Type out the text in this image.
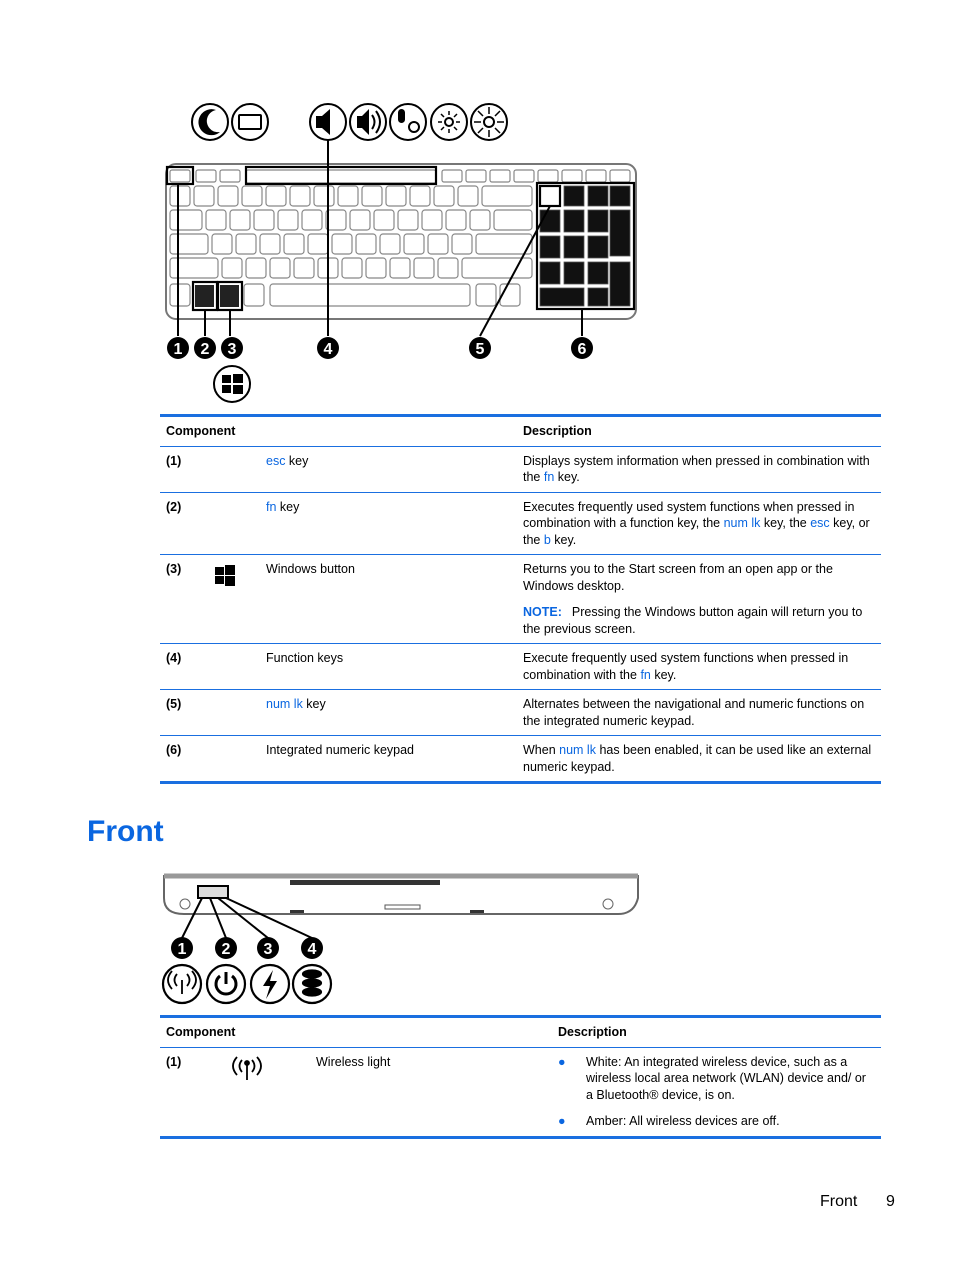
1 2 3	4	5	6
Component	Description
(1)	esc key	Displays system information when pressed in combination with the fn key.
(2)	fn key	Executes frequently used system functions when pressed in combination with a function key, the num lk key, the esc key, or the b key.
(3)	Windows button	Returns you to the Start screen from an open app or the Windows desktop.
NOTE: Pressing the Windows button again will return you to the previous screen.
(4)	Function keys	Execute frequently used system functions when pressed in combination with the fn key.
(5)	num lk key	Alternates between the navigational and numeric functions on the integrated numeric keypad.
(6)	Integrated numeric keypad	When num lk has been enabled, it can be used like an external numeric keypad.
Front
1 2 3 4
Component	Description
(1)	Wireless light	●	White: An integrated wireless device, such as a wireless local area network (WLAN) device and/ or a Bluetooth® device, is on.
●	Amber: All wireless devices are off.
Front 9
